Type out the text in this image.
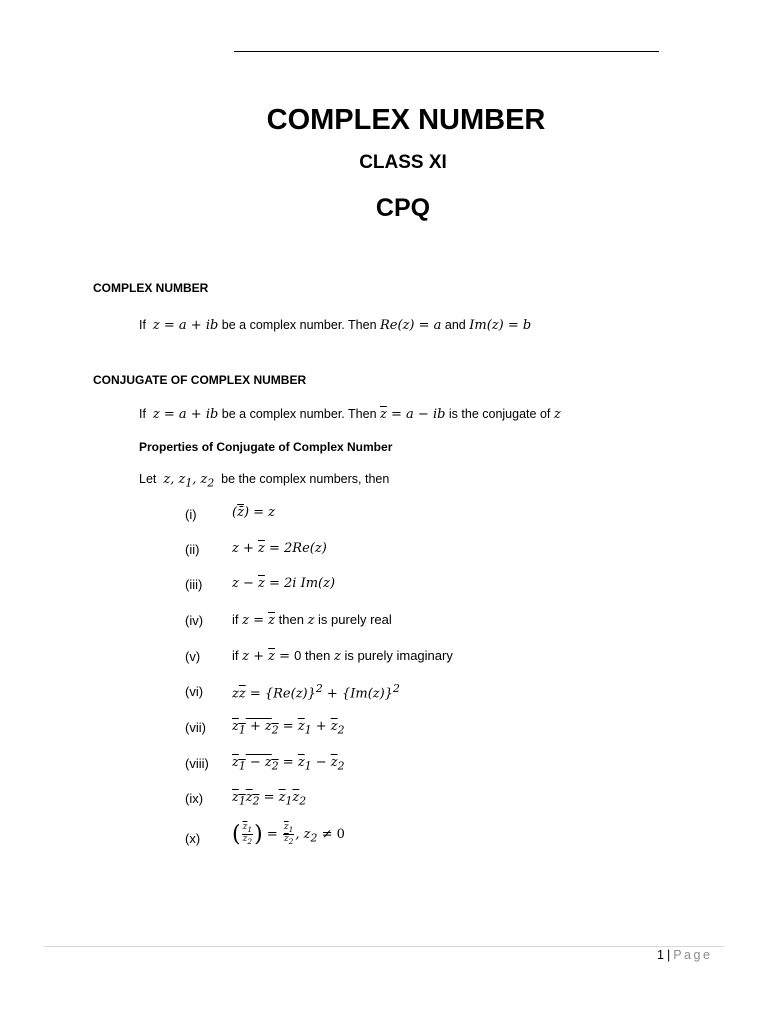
COMPLEX NUMBER
CLASS XI
CPQ
COMPLEX NUMBER
If z = a + ib be a complex number. Then Re(z) = a and Im(z) = b
CONJUGATE OF COMPLEX NUMBER
If z = a + ib be a complex number. Then $\overline{z} = a$ − ib is the conjugate of z
Properties of Conjugate of Complex Number
Let z, $z_1$, $z_2$ be the complex numbers, then
(i)	$(\overline{z}̄) = z$
(ii)	$z + \overline{z} = 2Re(z)$
(iii) $z - \overline{z} = 2i$ Im(z)
(iv) if $z = \overline{z}$ then z is purely real
(v) if $z + \overline{z} = 0$ then z is purely imaginary
(vi) $z\overline{z} = \{Re(z)\}^2 + \{Im(z)\}^2$
(vii) $z_1 + z_2 = \overline{z}_1 + \overline{z}_2$
(viii) $z_1 - z_2 = \overline{z}_1 - \overline{z}_2$
(ix) $z_1z_2 = \overline{z}_1\overline{z}_2$
(x) ( $\frac{\overline{z}_1}{z_2}$ ) = $\frac{\overline{z}_1}{\overline{z}_2}$ , $z_2 \ne 0$
1 | Page
